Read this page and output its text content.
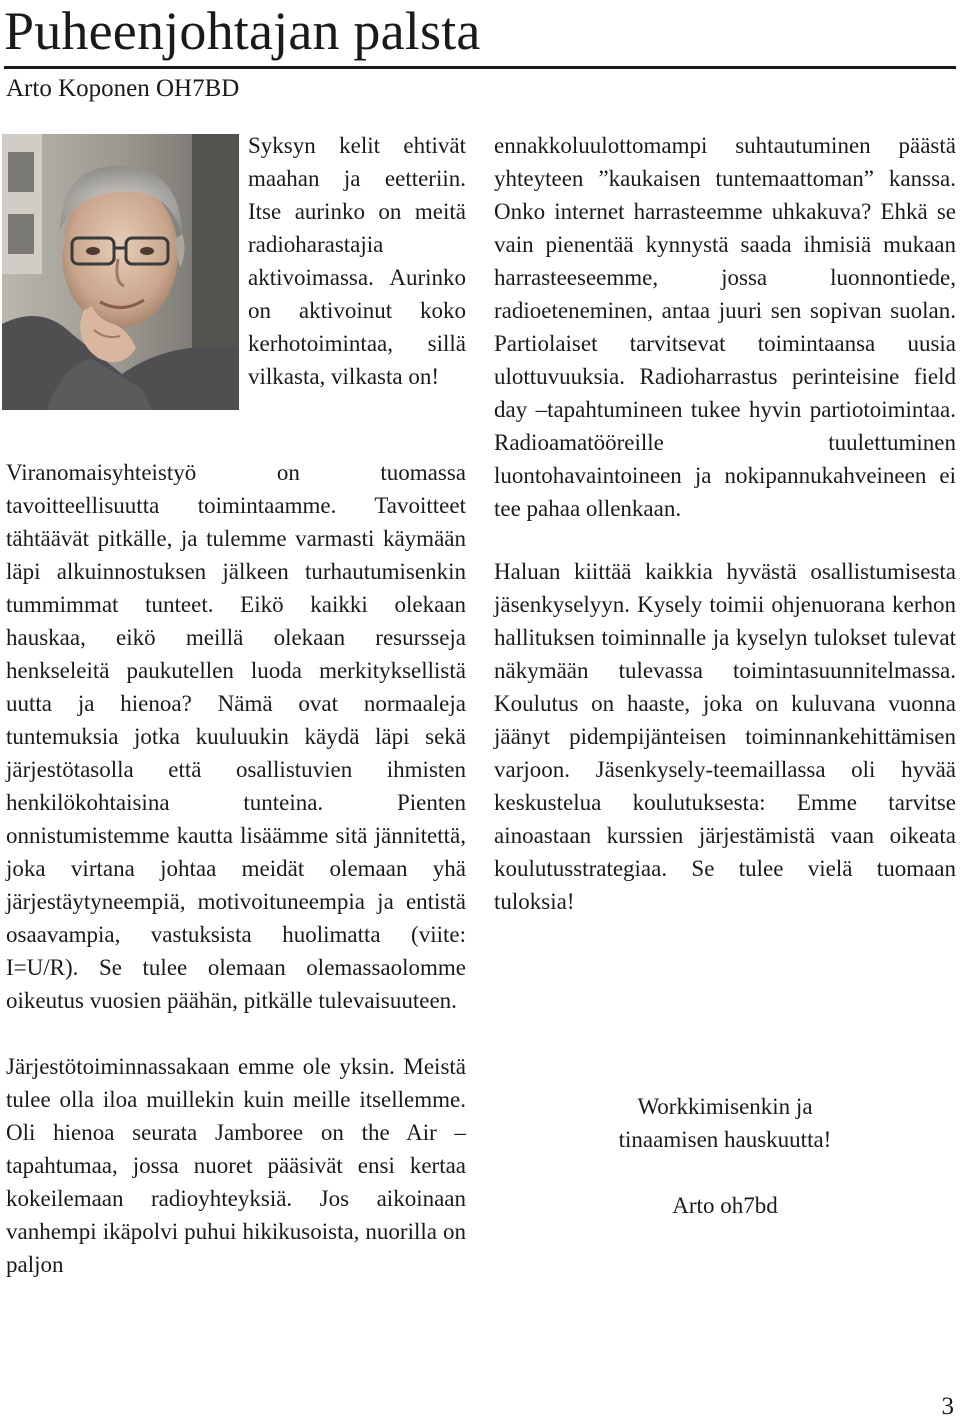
Puheenjohtajan palsta
Arto Koponen OH7BD

Syksyn kelit ehtivät maahan ja eetteriin. Itse aurinko on meitä radioharastajia aktivoimassa. Aurinko on aktivoinut koko kerhotoimintaa, sillä vilkasta, vilkasta on!

Viranomaisyhteistyö on tuomassa tavoitteellisuutta toimintaamme. Tavoitteet tähtäävät pitkälle, ja tulemme varmasti käymään läpi alkuinnostuksen jälkeen turhautumisenkin tummimmat tunteet. Eikö kaikki olekaan hauskaa, eikö meillä olekaan resursseja henkseleitä paukutellen luoda merkityksellistä uutta ja hienoa? Nämä ovat normaaleja tuntemuksia jotka kuuluukin käydä läpi sekä järjestötasolla että osallistuvien ihmisten henkilökohtaisina tunteina. Pienten onnistumistemme kautta lisäämme sitä jännitettä, joka virtana johtaa meidät olemaan yhä järjestäytyneempiä, motivoituneempia ja entistä osaavampia, vastuksista huolimatta (viite: I=U/R). Se tulee olemaan olemassaolomme oikeutus vuosien päähän, pitkälle tulevaisuuteen.

Järjestötoiminnassakaan emme ole yksin. Meistä tulee olla iloa muillekin kuin meille itsellemme. Oli hienoa seurata Jamboree on the Air –tapahtumaa, jossa nuoret pääsivät ensi kertaa kokeilemaan radioyhteyksiä. Jos aikoinaan vanhempi ikäpolvi puhui hikikusoista, nuorilla on paljon

ennakkoluulottomampi suhtautuminen päästä yhteyteen ”kaukaisen tuntemaattoman” kanssa. Onko internet harrasteemme uhkakuva? Ehkä se vain pienentää kynnystä saada ihmisiä mukaan harrasteeseemme, jossa luonnontiede, radioeteneminen, antaa juuri sen sopivan suolan. Partiolaiset tarvitsevat toimintaansa uusia ulottuvuuksia. Radioharrastus perinteisine field day –tapahtumineen tukee hyvin partiotoimintaa. Radioamatööreille tuulettuminen luontohavaintoineen ja nokipannukahveineen ei tee pahaa ollenkaan.

Haluan kiittää kaikkia hyvästä osallistumisesta jäsenkyselyyn. Kysely toimii ohjenuorana kerhon hallituksen toiminnalle ja kyselyn tulokset tulevat näkymään tulevassa toimintasuunnitelmassa. Koulutus on haaste, joka on kuluvana vuonna jäänyt pidempijänteisen toiminnankehittämisen varjoon. Jäsenkysely-teemaillassa oli hyvää keskustelua koulutuksesta: Emme tarvitse ainoastaan kurssien järjestämistä vaan oikeata koulutusstrategiaa. Se tulee vielä tuomaan tuloksia!

Workkimisenkin ja
tinaamisen hauskuutta!
Arto oh7bd
3
